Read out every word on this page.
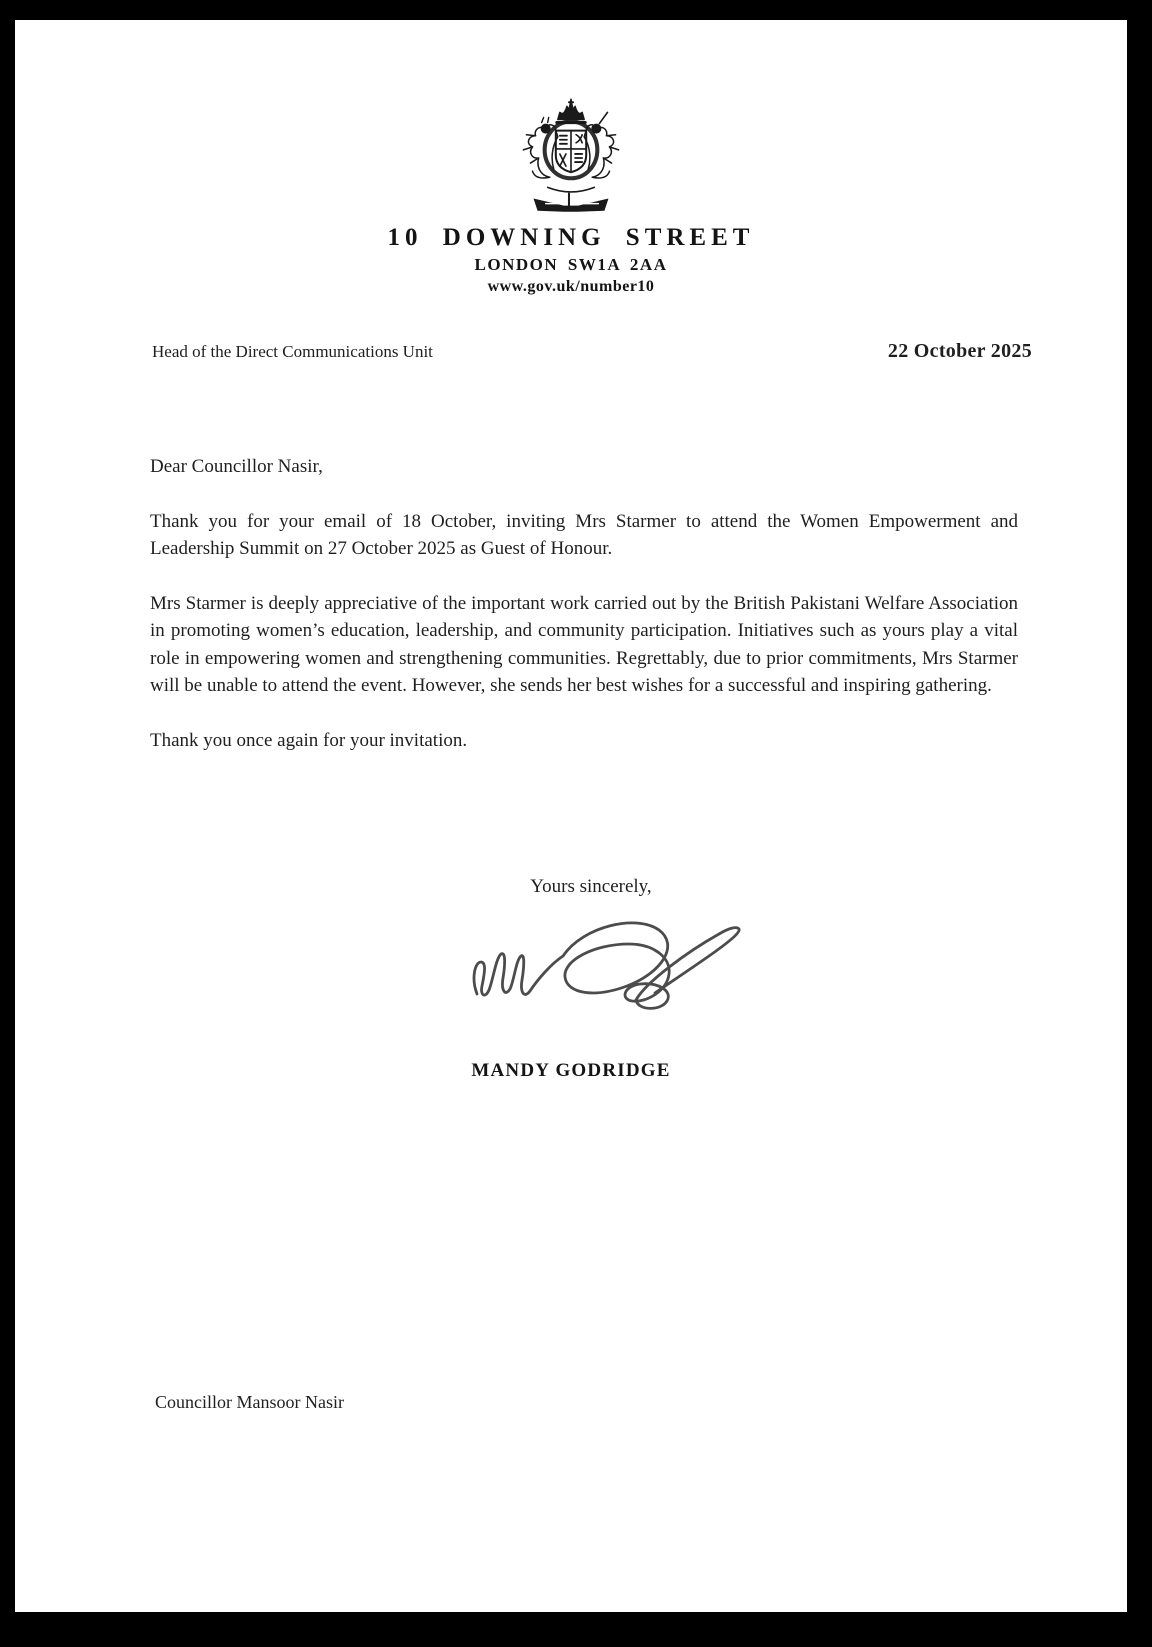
10 DOWNING STREET
LONDON SW1A 2AA
www.gov.uk/number10
Head of the Direct Communications Unit	22 October 2025

Dear Councillor Nasir,

Thank you for your email of 18 October, inviting Mrs Starmer to attend the Women Empowerment and Leadership Summit on 27 October 2025 as Guest of Honour.

Mrs Starmer is deeply appreciative of the important work carried out by the British Pakistani Welfare Association in promoting women’s education, leadership, and community participation. Initiatives such as yours play a vital role in empowering women and strengthening communities. Regrettably, due to prior commitments, Mrs Starmer will be unable to attend the event. However, she sends her best wishes for a successful and inspiring gathering.

Thank you once again for your invitation.

Yours sincerely,
MANDY GODRIDGE
Councillor Mansoor Nasir
